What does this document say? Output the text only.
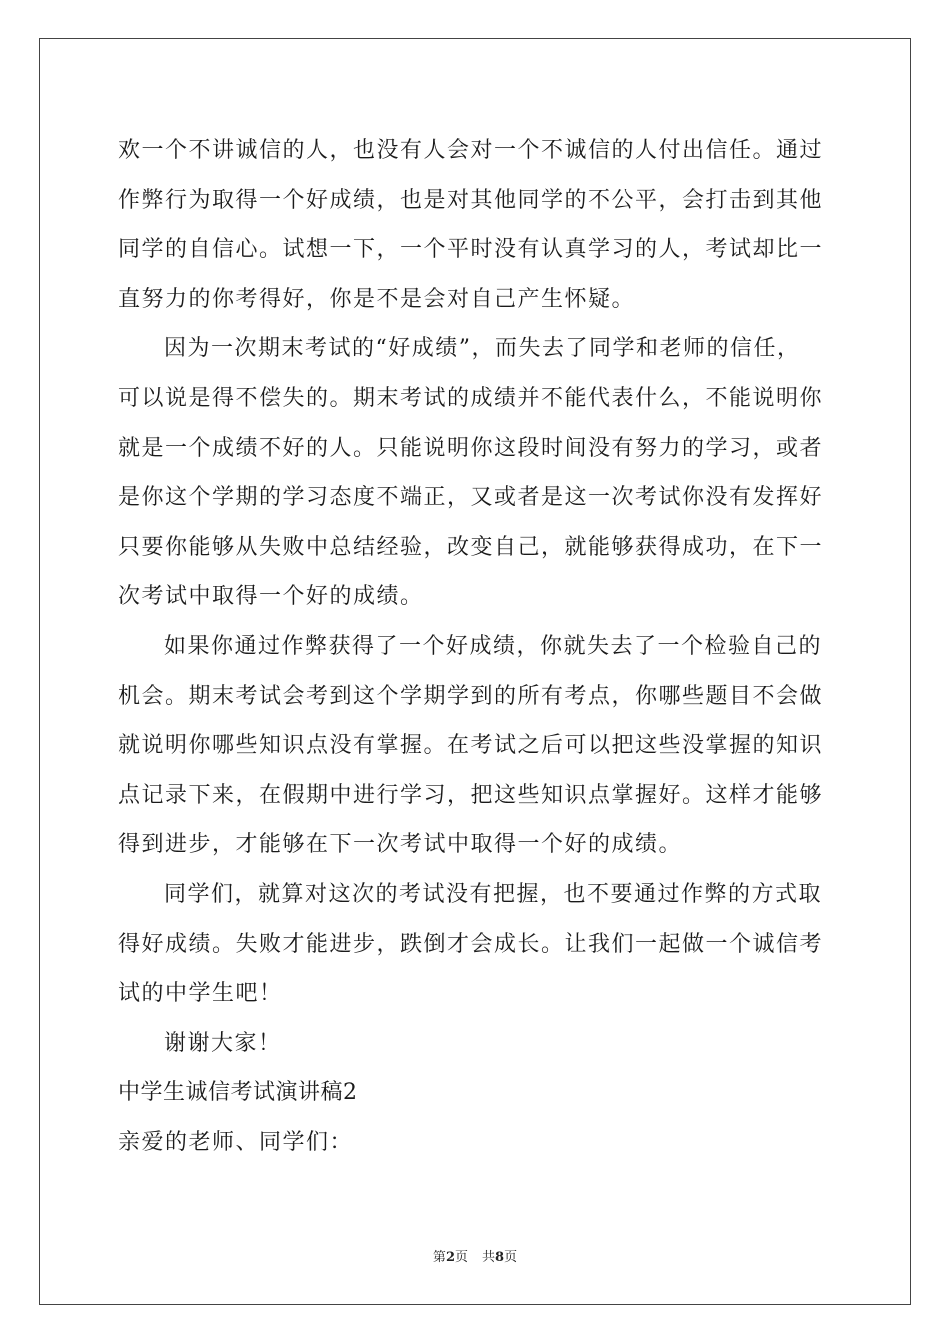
欢一个不讲诚信的人，也没有人会对一个不诚信的人付出信任。通过
作弊行为取得一个好成绩，也是对其他同学的不公平，会打击到其他
同学的自信心。试想一下，一个平时没有认真学习的人，考试却比一
直努力的你考得好，你是不是会对自己产生怀疑。
因为一次期末考试的“好成绩”，而失去了同学和老师的信任，
可以说是得不偿失的。期末考试的成绩并不能代表什么，不能说明你
就是一个成绩不好的人。只能说明你这段时间没有努力的学习，或者
是你这个学期的学习态度不端正，又或者是这一次考试你没有发挥好
只要你能够从失败中总结经验，改变自己，就能够获得成功，在下一
次考试中取得一个好的成绩。
如果你通过作弊获得了一个好成绩，你就失去了一个检验自己的
机会。期末考试会考到这个学期学到的所有考点，你哪些题目不会做
就说明你哪些知识点没有掌握。在考试之后可以把这些没掌握的知识
点记录下来，在假期中进行学习，把这些知识点掌握好。这样才能够
得到进步，才能够在下一次考试中取得一个好的成绩。
同学们，就算对这次的考试没有把握，也不要通过作弊的方式取
得好成绩。失败才能进步，跌倒才会成长。让我们一起做一个诚信考
试的中学生吧！
谢谢大家！
中学生诚信考试演讲稿2
亲爱的老师、同学们：
第2页 共8页
